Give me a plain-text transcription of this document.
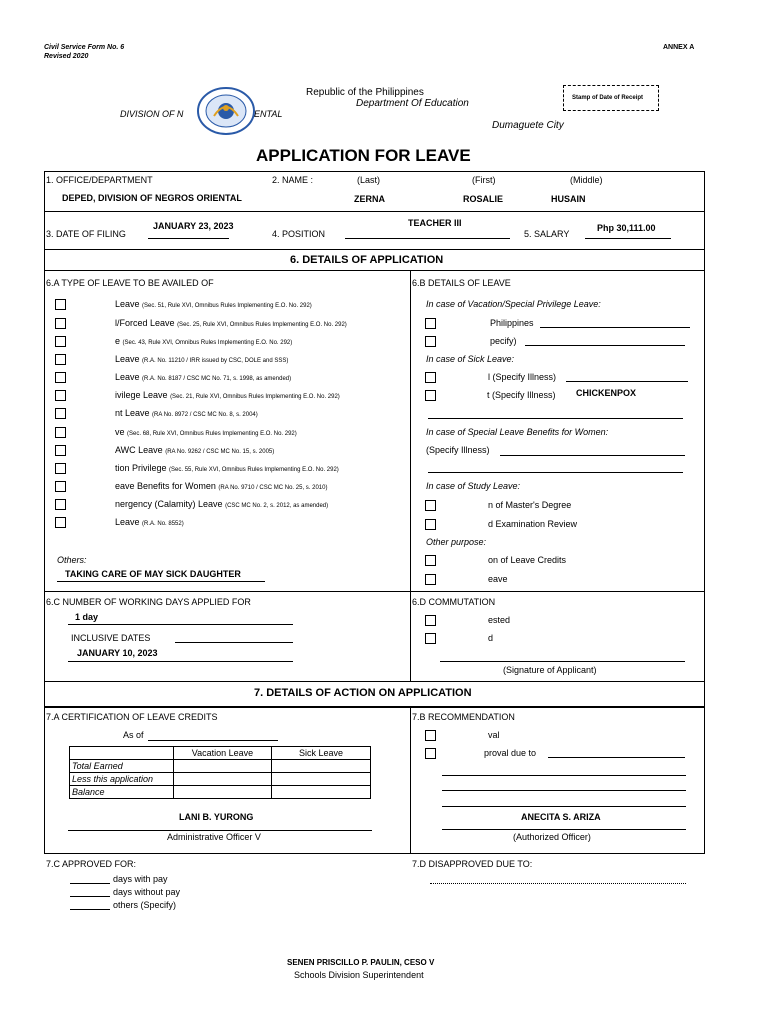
Civil Service Form No. 6
Revised 2020
ANNEX A
Republic of the Philippines
Department Of Education
DIVISION OF N	ENTAL
Dumaguete City
Stamp of Date of Receipt
APPLICATION FOR LEAVE
1. OFFICE/DEPARTMENT
DEPED, DIVISION OF NEGROS ORIENTAL
2. NAME :	(Last)	(First)	(Middle)
ZERNA	ROSALIE	HUSAIN
3. DATE OF FILING
JANUARY 23, 2023
4. POSITION
TEACHER III
5. SALARY
Php 30,111.00
6. DETAILS OF APPLICATION
6.A TYPE OF LEAVE TO BE AVAILED OF
Leave (Sec. 51, Rule XVI, Omnibus Rules Implementing E.O. No. 292)
l/Forced Leave (Sec. 25, Rule XVI, Omnibus Rules Implementing E.O. No. 292)
e (Sec. 43, Rule XVI, Omnibus Rules Implementing E.O. No. 292)
Leave (R.A. No. 11210 / IRR issued by CSC, DOLE and SSS)
Leave (R.A. No. 8187 / CSC MC No. 71, s. 1998, as amended)
ivilege Leave (Sec. 21, Rule XVI, Omnibus Rules Implementing E.O. No. 292)
nt Leave (RA No. 8972 / CSC MC No. 8, s. 2004)
ve (Sec. 68, Rule XVI, Omnibus Rules Implementing E.O. No. 292)
AWC Leave (RA No. 9262 / CSC MC No. 15, s. 2005)
tion Privilege (Sec. 55, Rule XVI, Omnibus Rules Implementing E.O. No. 292)
eave Benefits for Women (RA No. 9710 / CSC MC No. 25, s. 2010)
nergency (Calamity) Leave (CSC MC No. 2, s. 2012, as amended)
Leave (R.A. No. 8552)
Others:
TAKING CARE OF MAY SICK DAUGHTER
6.B DETAILS OF LEAVE
In case of Vacation/Special Privilege Leave:
Philippines
pecify)
In case of Sick Leave:
l (Specify Illness)
t (Specify Illness) CHICKENPOX
In case of Special Leave Benefits for Women:
(Specify Illness)
In case of Study Leave:
n of Master's Degree
d Examination Review
Other purpose:
on of Leave Credits
eave
6.C NUMBER OF WORKING DAYS APPLIED FOR
1 day
INCLUSIVE DATES
JANUARY 10, 2023
6.D COMMUTATION
ested
d
(Signature of Applicant)
7. DETAILS OF ACTION ON APPLICATION
7.A CERTIFICATION OF LEAVE CREDITS
As of
	Vacation Leave	Sick Leave
Total Earned		
Less this application		
Balance		
LANI B. YURONG
Administrative Officer V
7.B RECOMMENDATION
val
proval due to
ANECITA S. ARIZA
(Authorized Officer)
7.C APPROVED FOR:
days with pay
days without pay
others (Specify)
7.D DISAPPROVED DUE TO:
SENEN PRISCILLO P. PAULIN, CESO V
Schools Division Superintendent
